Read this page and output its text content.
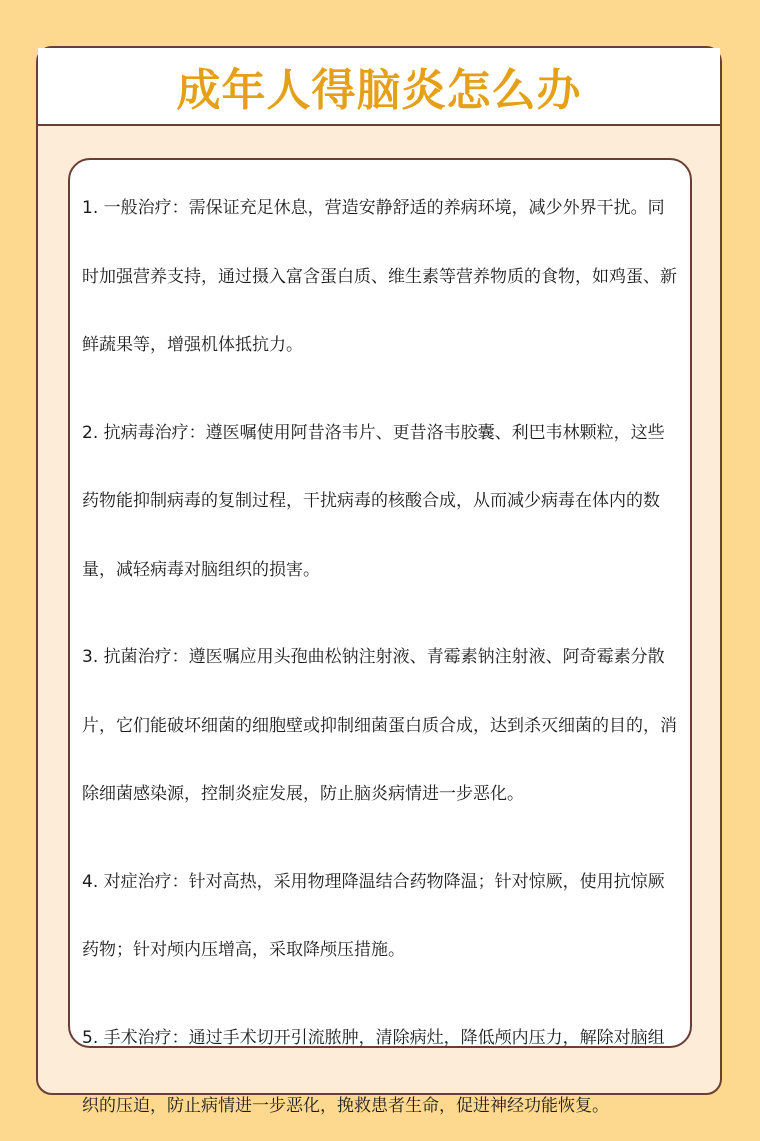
成年人得脑炎怎么办

1. 一般治疗：需保证充足休息，营造安静舒适的养病环境，减少外界干扰。同时加强营养支持，通过摄入富含蛋白质、维生素等营养物质的食物，如鸡蛋、新鲜蔬果等，增强机体抵抗力。

2. 抗病毒治疗：遵医嘱使用阿昔洛韦片、更昔洛韦胶囊、利巴韦林颗粒，这些药物能抑制病毒的复制过程，干扰病毒的核酸合成，从而减少病毒在体内的数量，减轻病毒对脑组织的损害。

3. 抗菌治疗：遵医嘱应用头孢曲松钠注射液、青霉素钠注射液、阿奇霉素分散片，它们能破坏细菌的细胞壁或抑制细菌蛋白质合成，达到杀灭细菌的目的，消除细菌感染源，控制炎症发展，防止脑炎病情进一步恶化。

4. 对症治疗：针对高热，采用物理降温结合药物降温；针对惊厥，使用抗惊厥药物；针对颅内压增高，采取降颅压措施。

5. 手术治疗：通过手术切开引流脓肿，清除病灶，降低颅内压力，解除对脑组织的压迫，防止病情进一步恶化，挽救患者生命，促进神经功能恢复。
